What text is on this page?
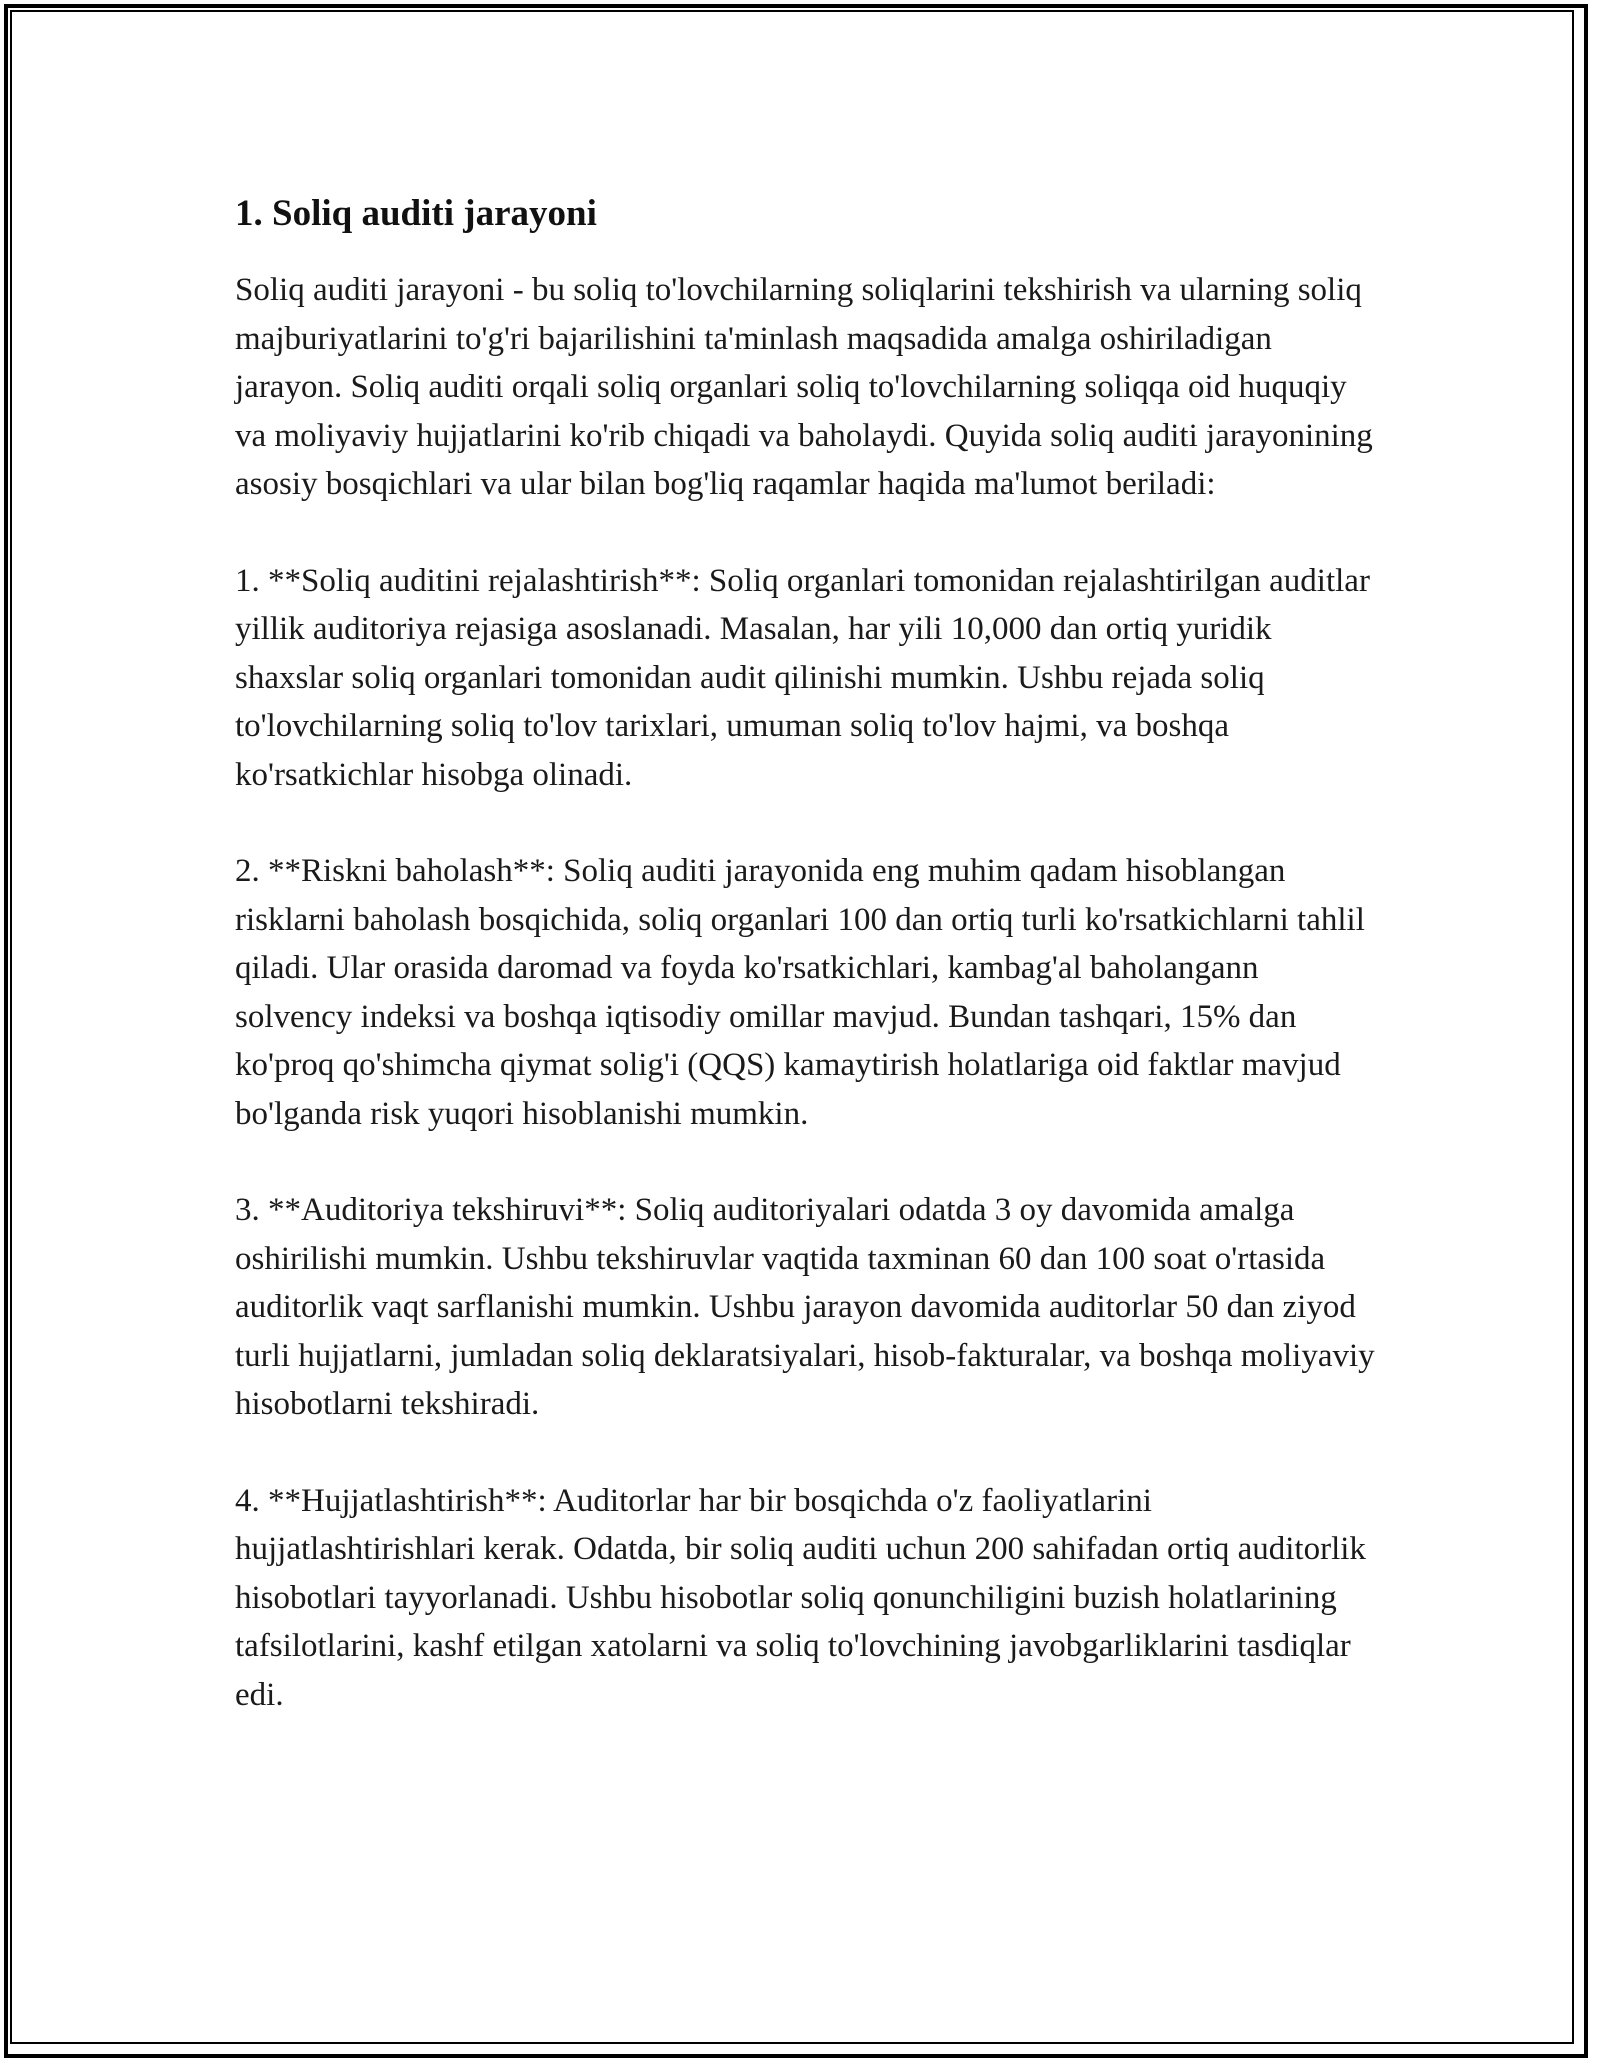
1. Soliq auditi jarayoni

Soliq auditi jarayoni - bu soliq to'lovchilarning soliqlarini tekshirish va ularning soliq majburiyatlarini to'g'ri bajarilishini ta'minlash maqsadida amalga oshiriladigan jarayon. Soliq auditi orqali soliq organlari soliq to'lovchilarning soliqqa oid huquqiy va moliyaviy hujjatlarini ko'rib chiqadi va baholaydi. Quyida soliq auditi jarayonining asosiy bosqichlari va ular bilan bog'liq raqamlar haqida ma'lumot beriladi:

1. **Soliq auditini rejalashtirish**: Soliq organlari tomonidan rejalashtirilgan auditlar yillik auditoriya rejasiga asoslanadi. Masalan, har yili 10,000 dan ortiq yuridik shaxslar soliq organlari tomonidan audit qilinishi mumkin. Ushbu rejada soliq to'lovchilarning soliq to'lov tarixlari, umuman soliq to'lov hajmi, va boshqa ko'rsatkichlar hisobga olinadi.

2. **Riskni baholash**: Soliq auditi jarayonida eng muhim qadam hisoblangan risklarni baholash bosqichida, soliq organlari 100 dan ortiq turli ko'rsatkichlarni tahlil qiladi. Ular orasida daromad va foyda ko'rsatkichlari, kambag'al baholangann solvency indeksi va boshqa iqtisodiy omillar mavjud. Bundan tashqari, 15% dan ko'proq qo'shimcha qiymat solig'i (QQS) kamaytirish holatlariga oid faktlar mavjud bo'lganda risk yuqori hisoblanishi mumkin.

3. **Auditoriya tekshiruvi**: Soliq auditoriyalari odatda 3 oy davomida amalga oshirilishi mumkin. Ushbu tekshiruvlar vaqtida taxminan 60 dan 100 soat o'rtasida auditorlik vaqt sarflanishi mumkin. Ushbu jarayon davomida auditorlar 50 dan ziyod turli hujjatlarni, jumladan soliq deklaratsiyalari, hisob-fakturalar, va boshqa moliyaviy hisobotlarni tekshiradi.

4. **Hujjatlashtirish**: Auditorlar har bir bosqichda o'z faoliyatlarini hujjatlashtirishlari kerak. Odatda, bir soliq auditi uchun 200 sahifadan ortiq auditorlik hisobotlari tayyorlanadi. Ushbu hisobotlar soliq qonunchiligini buzish holatlarining tafsilotlarini, kashf etilgan xatolarni va soliq to'lovchining javobgarliklarini tasdiqlar edi.
